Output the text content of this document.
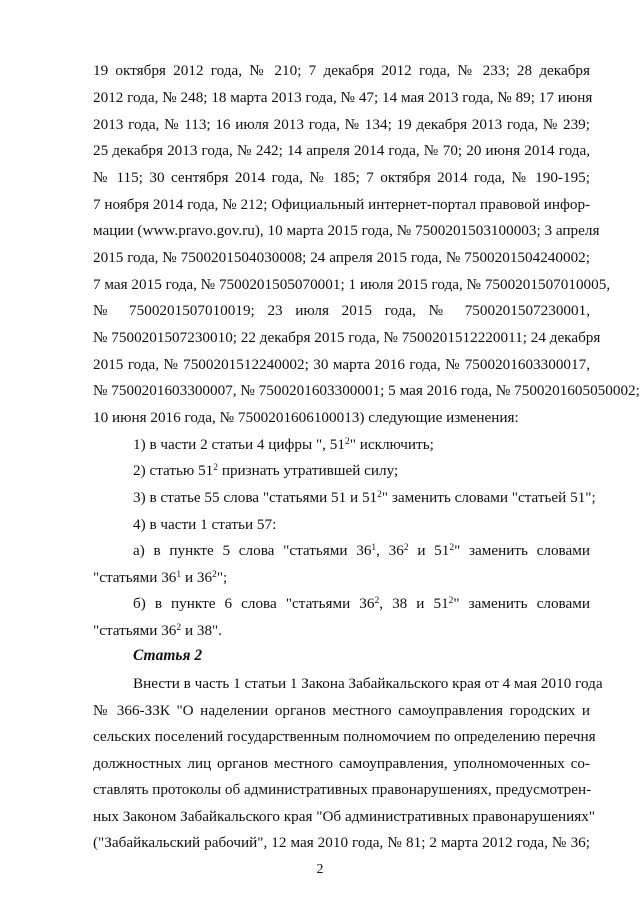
19 октября 2012 года, № 210; 7 декабря 2012 года, № 233; 28 декабря
2012 года, № 248; 18 марта 2013 года, № 47; 14 мая 2013 года, № 89; 17 июня
2013 года, № 113; 16 июля 2013 года, № 134; 19 декабря 2013 года, № 239;
25 декабря 2013 года, № 242; 14 апреля 2014 года, № 70; 20 июня 2014 года,
№ 115; 30 сентября 2014 года, № 185; 7 октября 2014 года, № 190-195;
7 ноября 2014 года, № 212; Официальный интернет-портал правовой инфор-
мации (www.pravo.gov.ru), 10 марта 2015 года, № 7500201503100003; 3 апреля
2015 года, № 7500201504030008; 24 апреля 2015 года, № 7500201504240002;
7 мая 2015 года, № 7500201505070001; 1 июля 2015 года, № 7500201507010005,
№ 7500201507010019; 23 июля 2015 года, № 7500201507230001,
№ 7500201507230010; 22 декабря 2015 года, № 7500201512220011; 24 декабря
2015 года, № 7500201512240002; 30 марта 2016 года, № 7500201603300017,
№ 7500201603300007, № 7500201603300001; 5 мая 2016 года, № 7500201605050002;
10 июня 2016 года, № 7500201606100013) следующие изменения:
1) в части 2 статьи 4 цифры ", $51^2$" исключить;
2) статью $51^2$ признать утратившей силу;
3) в статье 55 слова "статьями 51 и $51^2$" заменить словами "статьей 51";
4) в части 1 статьи 57:
а) в пункте 5 слова "статьями $36^1$, $36^2$ и $51^2$" заменить словами
"статьями $36^1$ и $36^2$";
б) в пункте 6 слова "статьями $36^2$, 38 и $51^2$" заменить словами
"статьями $36^2$ и 38".
Статья 2
Внести в часть 1 статьи 1 Закона Забайкальского края от 4 мая 2010 года
№ 366-ЗЗК "О наделении органов местного самоуправления городских и
сельских поселений государственным полномочием по определению перечня
должностных лиц органов местного самоуправления, уполномоченных со-
ставлять протоколы об административных правонарушениях, предусмотрен-
ных Законом Забайкальского края "Об административных правонарушениях"
("Забайкальский рабочий", 12 мая 2010 года, № 81; 2 марта 2012 года, № 36;
2
